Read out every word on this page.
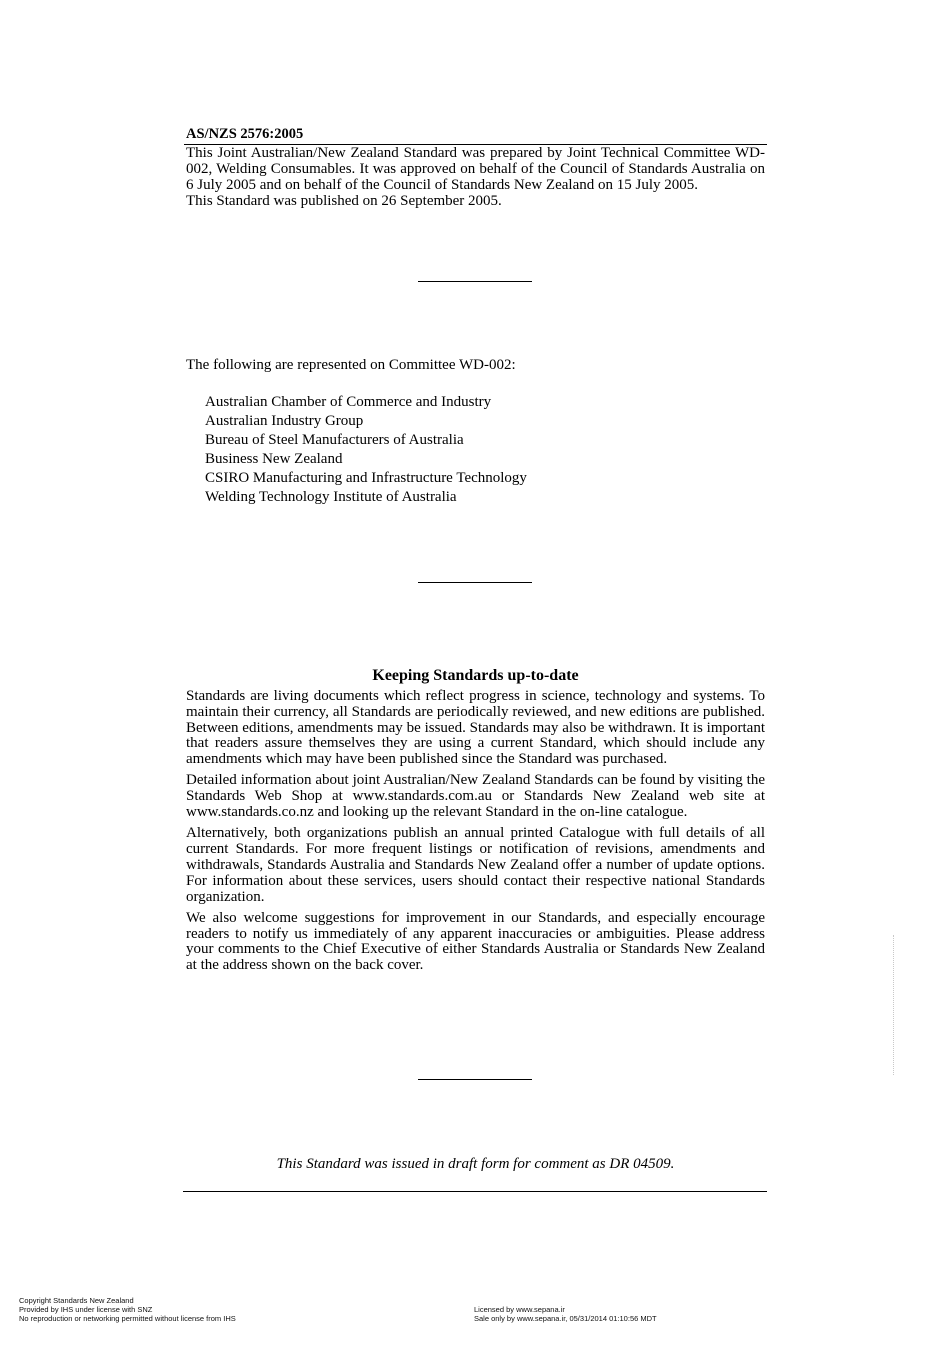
AS/NZS 2576:2005

This Joint Australian/New Zealand Standard was prepared by Joint Technical Committee WD-002, Welding Consumables. It was approved on behalf of the Council of Standards Australia on 6 July 2005 and on behalf of the Council of Standards New Zealand on 15 July 2005.

This Standard was published on 26 September 2005.

The following are represented on Committee WD-002:
Australian Chamber of Commerce and Industry
Australian Industry Group
Bureau of Steel Manufacturers of Australia
Business New Zealand
CSIRO Manufacturing and Infrastructure Technology
Welding Technology Institute of Australia
Keeping Standards up-to-date

Standards are living documents which reflect progress in science, technology and systems. To maintain their currency, all Standards are periodically reviewed, and new editions are published. Between editions, amendments may be issued. Standards may also be withdrawn. It is important that readers assure themselves they are using a current Standard, which should include any amendments which may have been published since the Standard was purchased.

Detailed information about joint Australian/New Zealand Standards can be found by visiting the Standards Web Shop at www.standards.com.au or Standards New Zealand web site at www.standards.co.nz and looking up the relevant Standard in the on-line catalogue.

Alternatively, both organizations publish an annual printed Catalogue with full details of all current Standards. For more frequent listings or notification of revisions, amendments and withdrawals, Standards Australia and Standards New Zealand offer a number of update options. For information about these services, users should contact their respective national Standards organization.

We also welcome suggestions for improvement in our Standards, and especially encourage readers to notify us immediately of any apparent inaccuracies or ambiguities. Please address your comments to the Chief Executive of either Standards Australia or Standards New Zealand at the address shown on the back cover.

This Standard was issued in draft form for comment as DR 04509.
Copyright Standards New Zealand
Provided by IHS under license with SNZ
No reproduction or networking permitted without license from IHS
Licensed by www.sepana.ir
Sale only by www.sepana.ir, 05/31/2014 01:10:56 MDT
